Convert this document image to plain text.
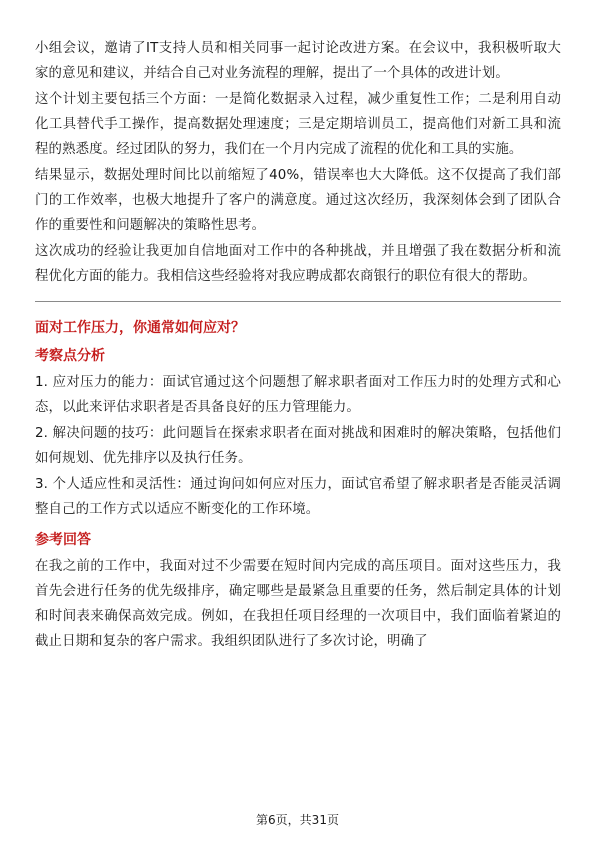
小组会议，邀请了IT支持人员和相关同事一起讨论改进方案。在会议中，我积极听取大家的意见和建议，并结合自己对业务流程的理解，提出了一个具体的改进计划。

这个计划主要包括三个方面：一是简化数据录入过程，减少重复性工作；二是利用自动化工具替代手工操作，提高数据处理速度；三是定期培训员工，提高他们对新工具和流程的熟悉度。经过团队的努力，我们在一个月内完成了流程的优化和工具的实施。

结果显示，数据处理时间比以前缩短了40%，错误率也大大降低。这不仅提高了我们部门的工作效率，也极大地提升了客户的满意度。通过这次经历，我深刻体会到了团队合作的重要性和问题解决的策略性思考。

这次成功的经验让我更加自信地面对工作中的各种挑战，并且增强了我在数据分析和流程优化方面的能力。我相信这些经验将对我应聘成都农商银行的职位有很大的帮助。

面对工作压力，你通常如何应对？
考察点分析

1. 应对压力的能力：面试官通过这个问题想了解求职者面对工作压力时的处理方式和心态，以此来评估求职者是否具备良好的压力管理能力。

2. 解决问题的技巧：此问题旨在探索求职者在面对挑战和困难时的解决策略，包括他们如何规划、优先排序以及执行任务。

3. 个人适应性和灵活性：通过询问如何应对压力，面试官希望了解求职者是否能灵活调整自己的工作方式以适应不断变化的工作环境。

参考回答

在我之前的工作中，我面对过不少需要在短时间内完成的高压项目。面对这些压力，我首先会进行任务的优先级排序，确定哪些是最紧急且重要的任务，然后制定具体的计划和时间表来确保高效完成。例如，在我担任项目经理的一次项目中，我们面临着紧迫的截止日期和复杂的客户需求。我组织团队进行了多次讨论，明确了

第6页，共31页
